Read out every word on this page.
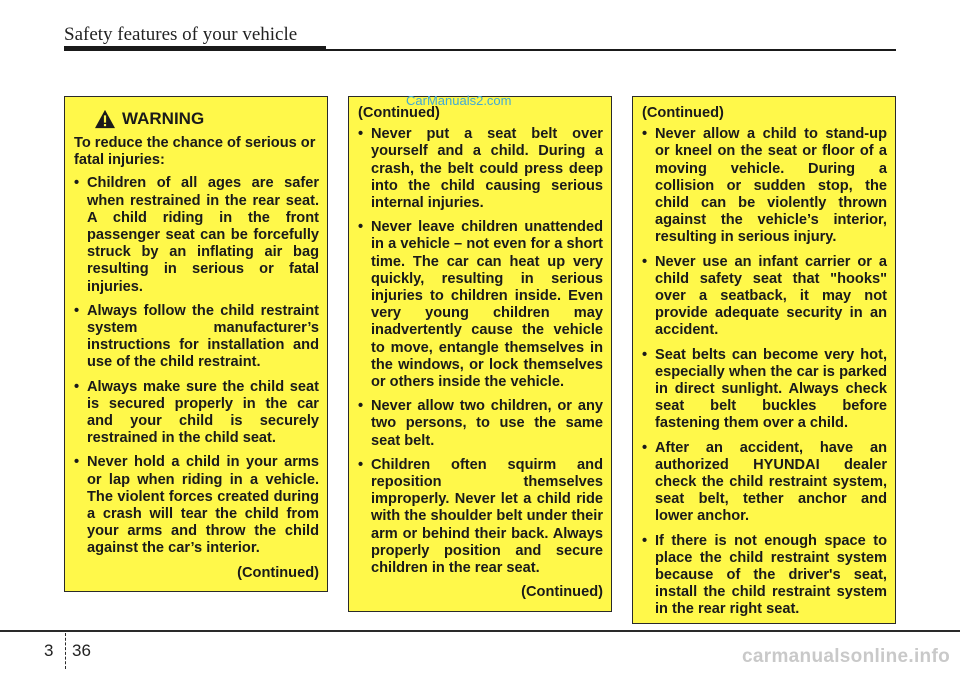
Safety features of your vehicle
WARNING
To reduce the chance of serious or fatal injuries:
• Children of all ages are safer when restrained in the rear seat. A child riding in the front passenger seat can be forcefully struck by an inflating air bag resulting in serious or fatal injuries.
• Always follow the child restraint system manufacturer’s instructions for installation and use of the child restraint.
• Always make sure the child seat is secured properly in the car and your child is securely restrained in the child seat.
• Never hold a child in your arms or lap when riding in a vehicle. The violent forces created during a crash will tear the child from your arms and throw the child against the car’s interior.
(Continued)
(Continued)
• Never put a seat belt over yourself and a child. During a crash, the belt could press deep into the child causing serious internal injuries.
• Never leave children unattended in a vehicle – not even for a short time. The car can heat up very quickly, resulting in serious injuries to children inside. Even very young children may inadvertently cause the vehicle to move, entangle themselves in the windows, or lock themselves or others inside the vehicle.
• Never allow two children, or any two persons, to use the same seat belt.
• Children often squirm and reposition themselves improperly. Never let a child ride with the shoulder belt under their arm or behind their back. Always properly position and secure children in the rear seat.
(Continued)
(Continued)
• Never allow a child to stand-up or kneel on the seat or floor of a moving vehicle. During a collision or sudden stop, the child can be violently thrown against the vehicle’s interior, resulting in serious injury.
• Never use an infant carrier or a child safety seat that "hooks" over a seatback, it may not provide adequate security in an accident.
• Seat belts can become very hot, especially when the car is parked in direct sunlight. Always check seat belt buckles before fastening them over a child.
• After an accident, have an authorized HYUNDAI dealer check the child restraint system, seat belt, tether anchor and lower anchor.
• If there is not enough space to place the child restraint system because of the driver's seat, install the child restraint system in the rear right seat.
CarManuals2.com
3 36	carmanualsonline.info
